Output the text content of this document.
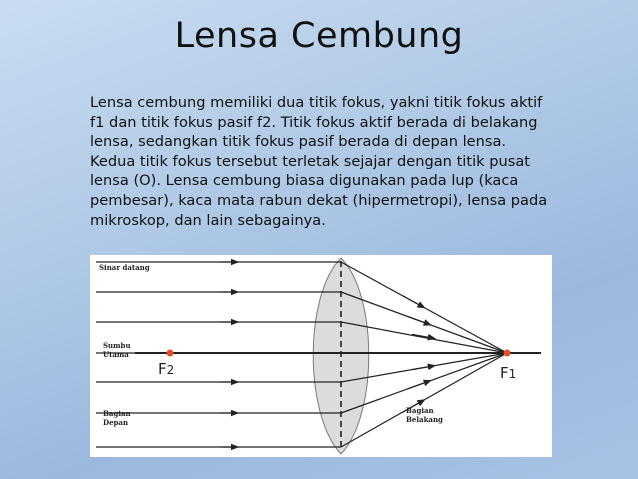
Lensa Cembung
Lensa cembung memiliki dua titik fokus, yakni titik fokus aktif f1 dan titik fokus pasif f2. Titik fokus aktif berada di belakang lensa, sedangkan titik fokus pasif berada di depan lensa. Kedua titik fokus tersebut terletak sejajar dengan titik pusat lensa (O). Lensa cembung biasa digunakan pada lup (kaca pembesar), kaca mata rabun dekat (hipermetropi), lensa pada mikroskop, dan lain sebagainya.
F2	F1
Sinar datang
Sumbu Utama
Bagian Depan
Bagian Belakang
